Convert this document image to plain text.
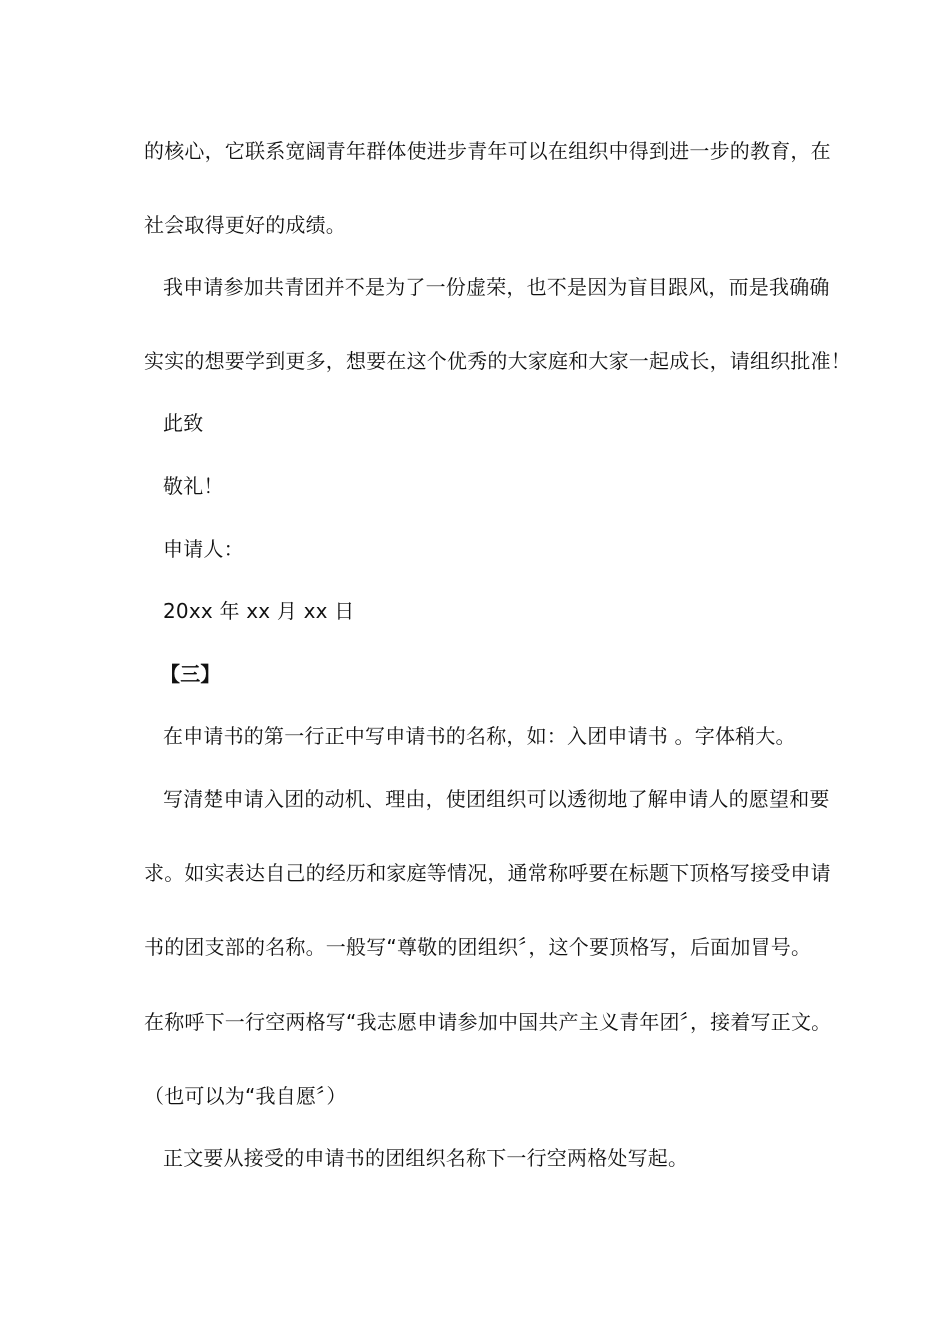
的核心，它联系宽阔青年群体使进步青年可以在组织中得到进一步的教育，在
社会取得更好的成绩。
我申请参加共青团并不是为了一份虚荣，也不是因为盲目跟风，而是我确确
实实的想要学到更多，想要在这个优秀的大家庭和大家一起成长，请组织批准！
此致
敬礼！
申请人：
20xx 年 xx 月 xx 日
【三】
在申请书的第一行正中写申请书的名称，如：入团申请书 。字体稍大。
写清楚申请入团的动机、理由，使团组织可以透彻地了解申请人的愿望和要
求。如实表达自己的经历和家庭等情况，通常称呼要在标题下顶格写接受申请
书的团支部的名称。一般写“尊敬的团组织〞，这个要顶格写，后面加冒号。
在称呼下一行空两格写“我志愿申请参加中国共产主义青年团〞，接着写正文。
（也可以为“我自愿〞）
正文要从接受的申请书的团组织名称下一行空两格处写起。
